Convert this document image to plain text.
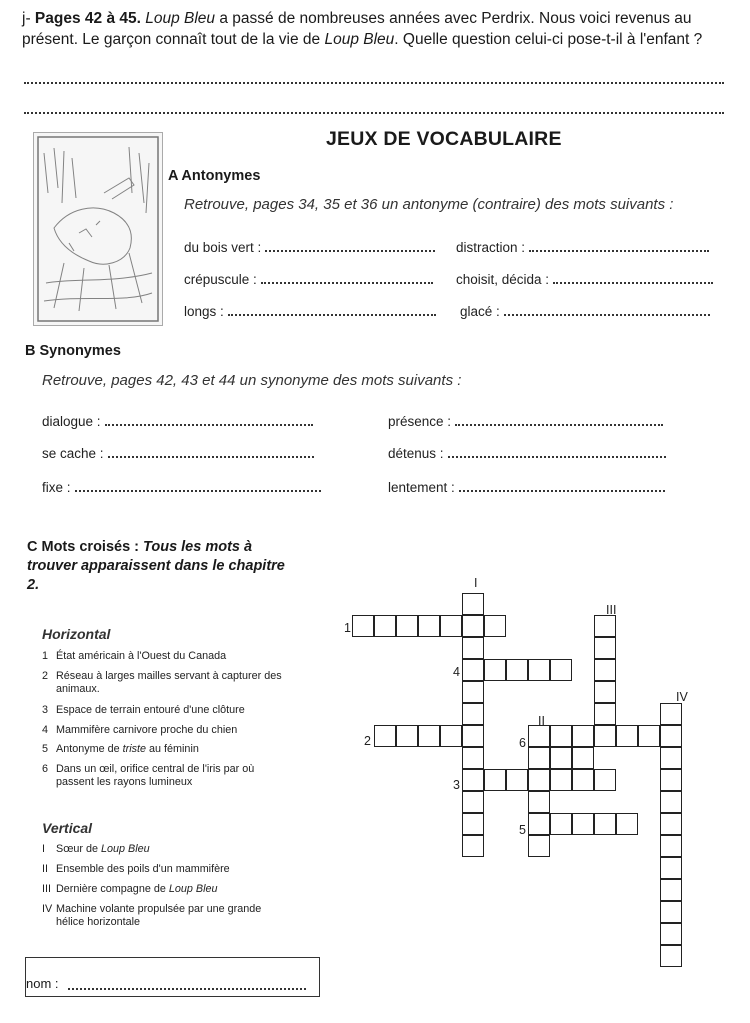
j- Pages 42 à 45. Loup Bleu a passé de nombreuses années avec Perdrix. Nous voici revenus au présent. Le garçon connaît tout de la vie de Loup Bleu. Quelle question celui-ci pose-t-il à l'enfant ?
JEUX DE VOCABULAIRE
A Antonymes
Retrouve, pages 34, 35 et 36 un antonyme (contraire) des mots suivants :
du bois vert :	distraction :
crépuscule :	choisit, décida :
longs :	glacé :
B Synonymes
Retrouve, pages 42, 43 et 44 un synonyme des mots suivants :
dialogue :	présence :
se cache :	détenus :
fixe :	lentement :
C Mots croisés : Tous les mots à trouver apparaissent dans le chapitre 2.
Horizontal
1 État américain à l'Ouest du Canada
2 Réseau à larges mailles servant à capturer des animaux.
3 Espace de terrain entouré d'une clôture
4 Mammifère carnivore proche du chien
5 Antonyme de triste au féminin
6 Dans un œil, orifice central de l'iris par où passent les rayons lumineux
Vertical
I Sœur de Loup Bleu
II Ensemble des poils d'un mammifère
III Dernière compagne de Loup Bleu
IV Machine volante propulsée par une grande hélice horizontale
I
III
IV
II
1
4
2	6
3
5
nom :
